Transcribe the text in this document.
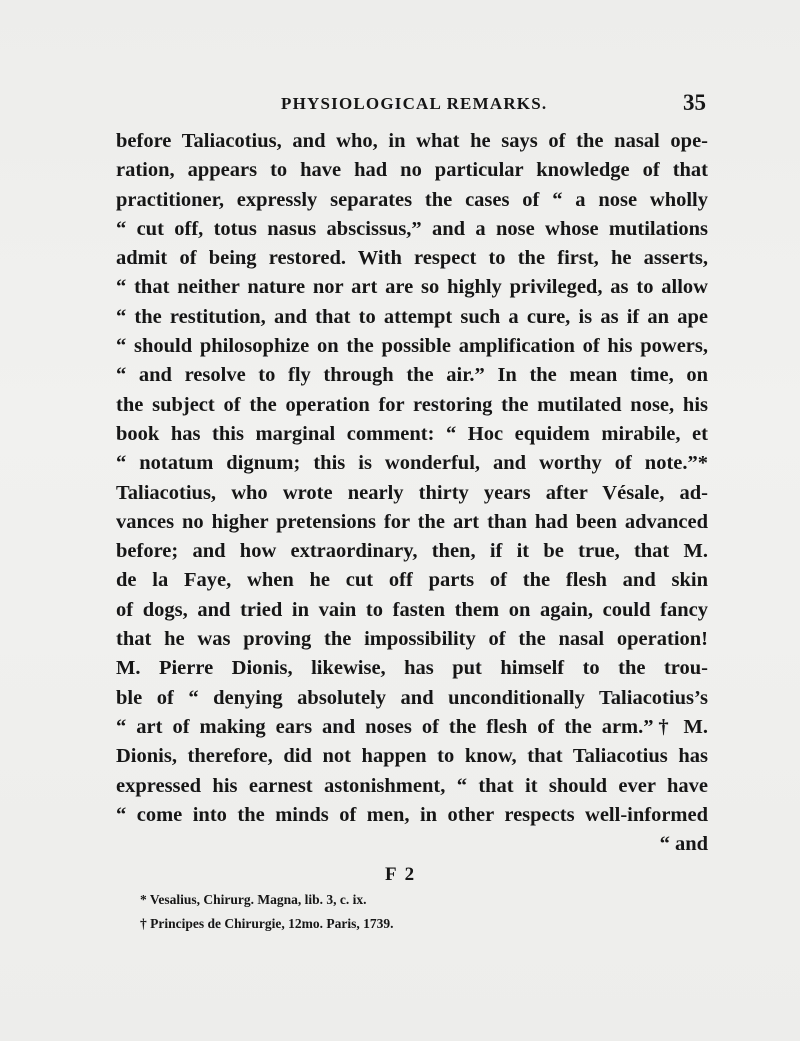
PHYSIOLOGICAL REMARKS.	35
before Taliacotius, and who, in what he says of the nasal ope-
ration, appears to have had no particular knowledge of that
practitioner, expressly separates the cases of “ a nose wholly
“ cut off, totus nasus abscissus,” and a nose whose mutilations
admit of being restored. With respect to the first, he asserts,
“ that neither nature nor art are so highly privileged, as to allow
“ the restitution, and that to attempt such a cure, is as if an ape
“ should philosophize on the possible amplification of his powers,
“ and resolve to fly through the air.” In the mean time, on
the subject of the operation for restoring the mutilated nose, his
book has this marginal comment: “ Hoc equidem mirabile, et
“ notatum dignum; this is wonderful, and worthy of note.”*
Taliacotius, who wrote nearly thirty years after Vésale, ad-
vances no higher pretensions for the art than had been advanced
before; and how extraordinary, then, if it be true, that M.
de la Faye, when he cut off parts of the flesh and skin
of dogs, and tried in vain to fasten them on again, could fancy
that he was proving the impossibility of the nasal operation!
M. Pierre Dionis, likewise, has put himself to the trou-
ble of “ denying absolutely and unconditionally Taliacotius’s
“ art of making ears and noses of the flesh of the arm.”† M.
Dionis, therefore, did not happen to know, that Taliacotius has
expressed his earnest astonishment, “ that it should ever have
“ come into the minds of men, in other respects well-informed
“ and
F 2
* Vesalius, Chirurg. Magna, lib. 3, c. ix.
† Principes de Chirurgie, 12mo. Paris, 1739.
